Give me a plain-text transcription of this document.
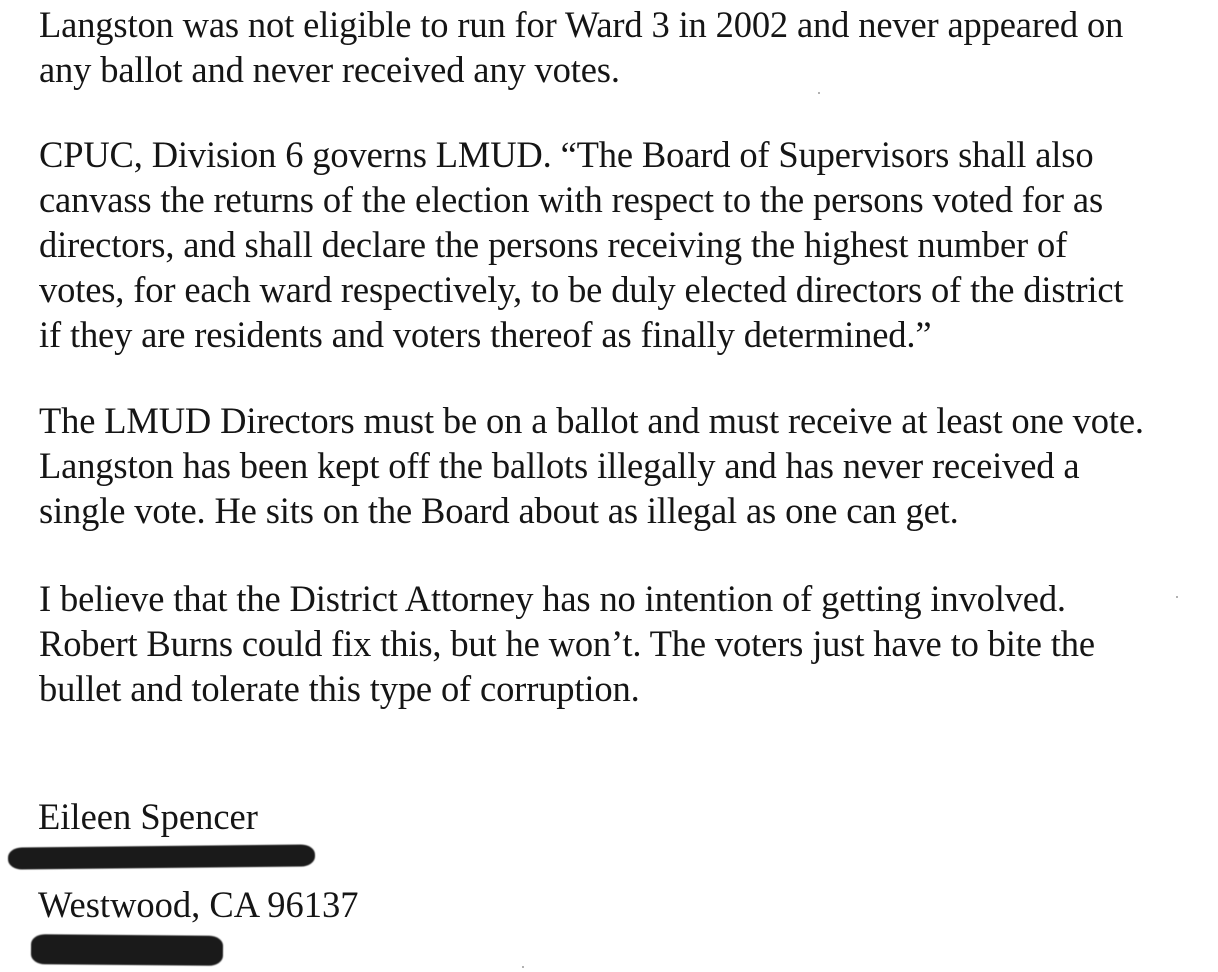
Langston was not eligible to run for Ward 3 in 2002 and never appeared on
any ballot and never received any votes.

CPUC, Division 6 governs LMUD. “The Board of Supervisors shall also
canvass the returns of the election with respect to the persons voted for as
directors, and shall declare the persons receiving the highest number of
votes, for each ward respectively, to be duly elected directors of the district
if they are residents and voters thereof as finally determined.”

The LMUD Directors must be on a ballot and must receive at least one vote.
Langston has been kept off the ballots illegally and has never received a
single vote. He sits on the Board about as illegal as one can get.

I believe that the District Attorney has no intention of getting involved.
Robert Burns could fix this, but he won’t. The voters just have to bite the
bullet and tolerate this type of corruption.

Eileen Spencer
Westwood, CA 96137
